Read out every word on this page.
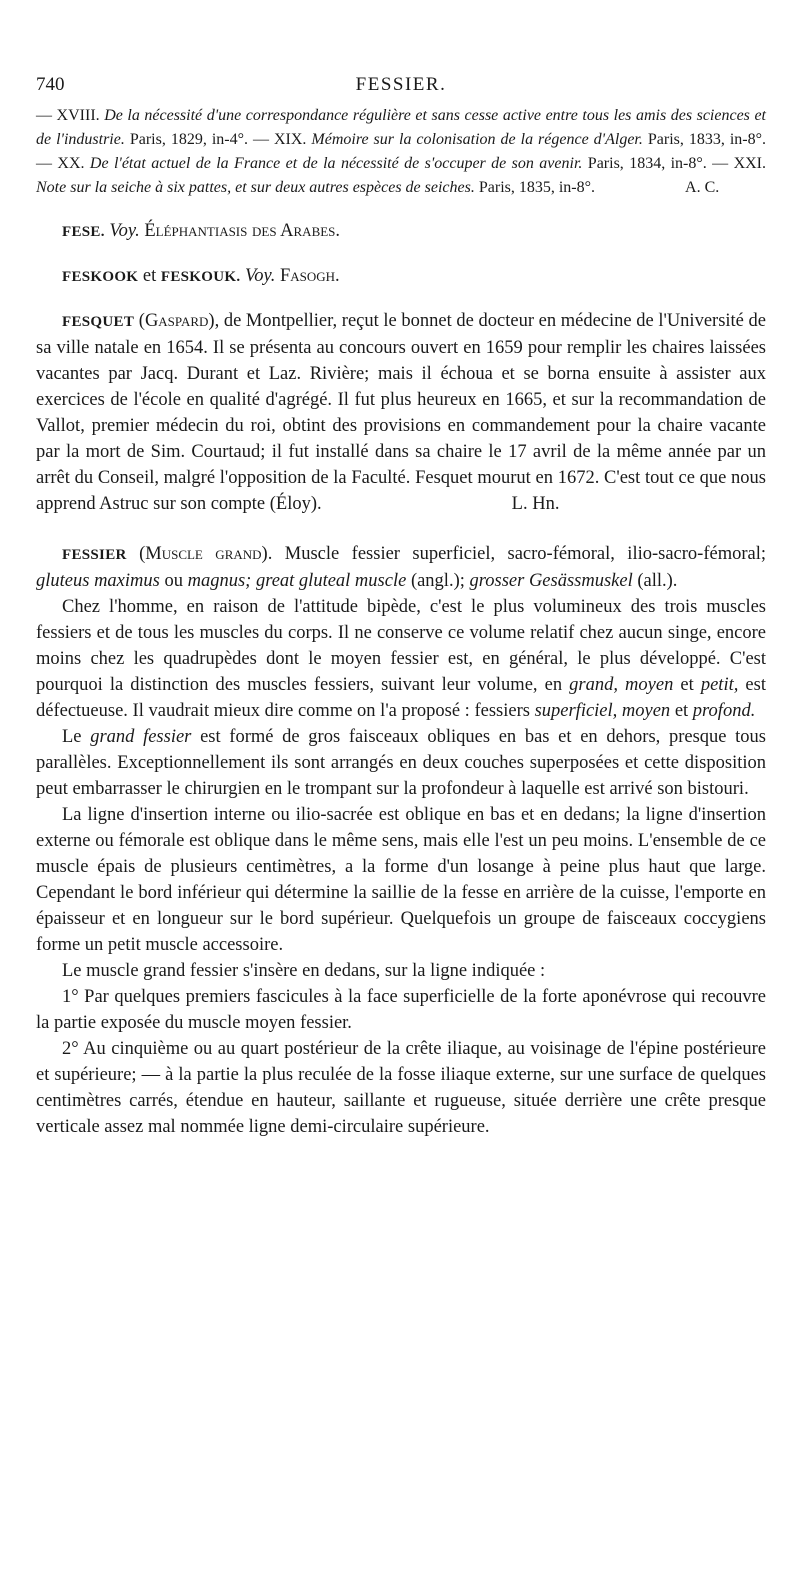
740	FESSIER.

— XVIII. De la nécessité d'une correspondance régulière et sans cesse active entre tous les amis des sciences et de l'industrie. Paris, 1829, in-4°. — XIX. Mémoire sur la colonisation de la régence d'Alger. Paris, 1833, in-8°. — XX. De l'état actuel de la France et de la nécessité de s'occuper de son avenir. Paris, 1834, in-8°. — XXI. Note sur la seiche à six pattes, et sur deux autres espèces de seiches. Paris, 1835, in-8°.	A. C.

FESE. Voy. Éléphantiasis des Arabes.

FESKOOK et FESKOUK. Voy. Fasogh.

FESQUET (Gaspard), de Montpellier, reçut le bonnet de docteur en médecine de l'Université de sa ville natale en 1654. Il se présenta au concours ouvert en 1659 pour remplir les chaires laissées vacantes par Jacq. Durant et Laz. Rivière; mais il échoua et se borna ensuite à assister aux exercices de l'école en qualité d'agrégé. Il fut plus heureux en 1665, et sur la recommandation de Vallot, premier médecin du roi, obtint des provisions en commandement pour la chaire vacante par la mort de Sim. Courtaud; il fut installé dans sa chaire le 17 avril de la même année par un arrêt du Conseil, malgré l'opposition de la Faculté. Fesquet mourut en 1672. C'est tout ce que nous apprend Astruc sur son compte (Éloy).	L. Hn.

FESSIER (Muscle grand). Muscle fessier superficiel, sacro-fémoral, ilio-sacro-fémoral; gluteus maximus ou magnus; great gluteal muscle (angl.); grosser Gesässmuskel (all.).

Chez l'homme, en raison de l'attitude bipède, c'est le plus volumineux des trois muscles fessiers et de tous les muscles du corps. Il ne conserve ce volume relatif chez aucun singe, encore moins chez les quadrupèdes dont le moyen fessier est, en général, le plus développé. C'est pourquoi la distinction des muscles fessiers, suivant leur volume, en grand, moyen et petit, est défectueuse. Il vaudrait mieux dire comme on l'a proposé : fessiers superficiel, moyen et profond.

Le grand fessier est formé de gros faisceaux obliques en bas et en dehors, presque tous parallèles. Exceptionnellement ils sont arrangés en deux couches superposées et cette disposition peut embarrasser le chirurgien en le trompant sur la profondeur à laquelle est arrivé son bistouri.

La ligne d'insertion interne ou ilio-sacrée est oblique en bas et en dedans; la ligne d'insertion externe ou fémorale est oblique dans le même sens, mais elle l'est un peu moins. L'ensemble de ce muscle épais de plusieurs centimètres, a la forme d'un losange à peine plus haut que large. Cependant le bord inférieur qui détermine la saillie de la fesse en arrière de la cuisse, l'emporte en épaisseur et en longueur sur le bord supérieur. Quelquefois un groupe de faisceaux coccygiens forme un petit muscle accessoire.

Le muscle grand fessier s'insère en dedans, sur la ligne indiquée :

1° Par quelques premiers fascicules à la face superficielle de la forte aponévrose qui recouvre la partie exposée du muscle moyen fessier.

2° Au cinquième ou au quart postérieur de la crête iliaque, au voisinage de l'épine postérieure et supérieure; — à la partie la plus reculée de la fosse iliaque externe, sur une surface de quelques centimètres carrés, étendue en hauteur, saillante et rugueuse, située derrière une crête presque verticale assez mal nommée ligne demi-circulaire supérieure.
